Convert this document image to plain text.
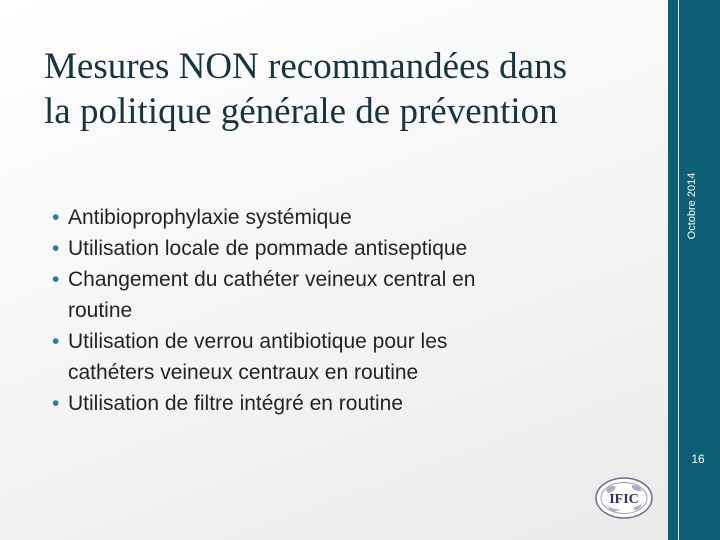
Mesures NON recommandées dans
la politique générale de prévention
• Antibioprophylaxie systémique
• Utilisation locale de pommade antiseptique
• Changement du cathéter veineux central en
routine
• Utilisation de verrou antibiotique pour les
cathéters veineux centraux en routine
• Utilisation de filtre intégré en routine
Octobre 2014
16
IFIC
